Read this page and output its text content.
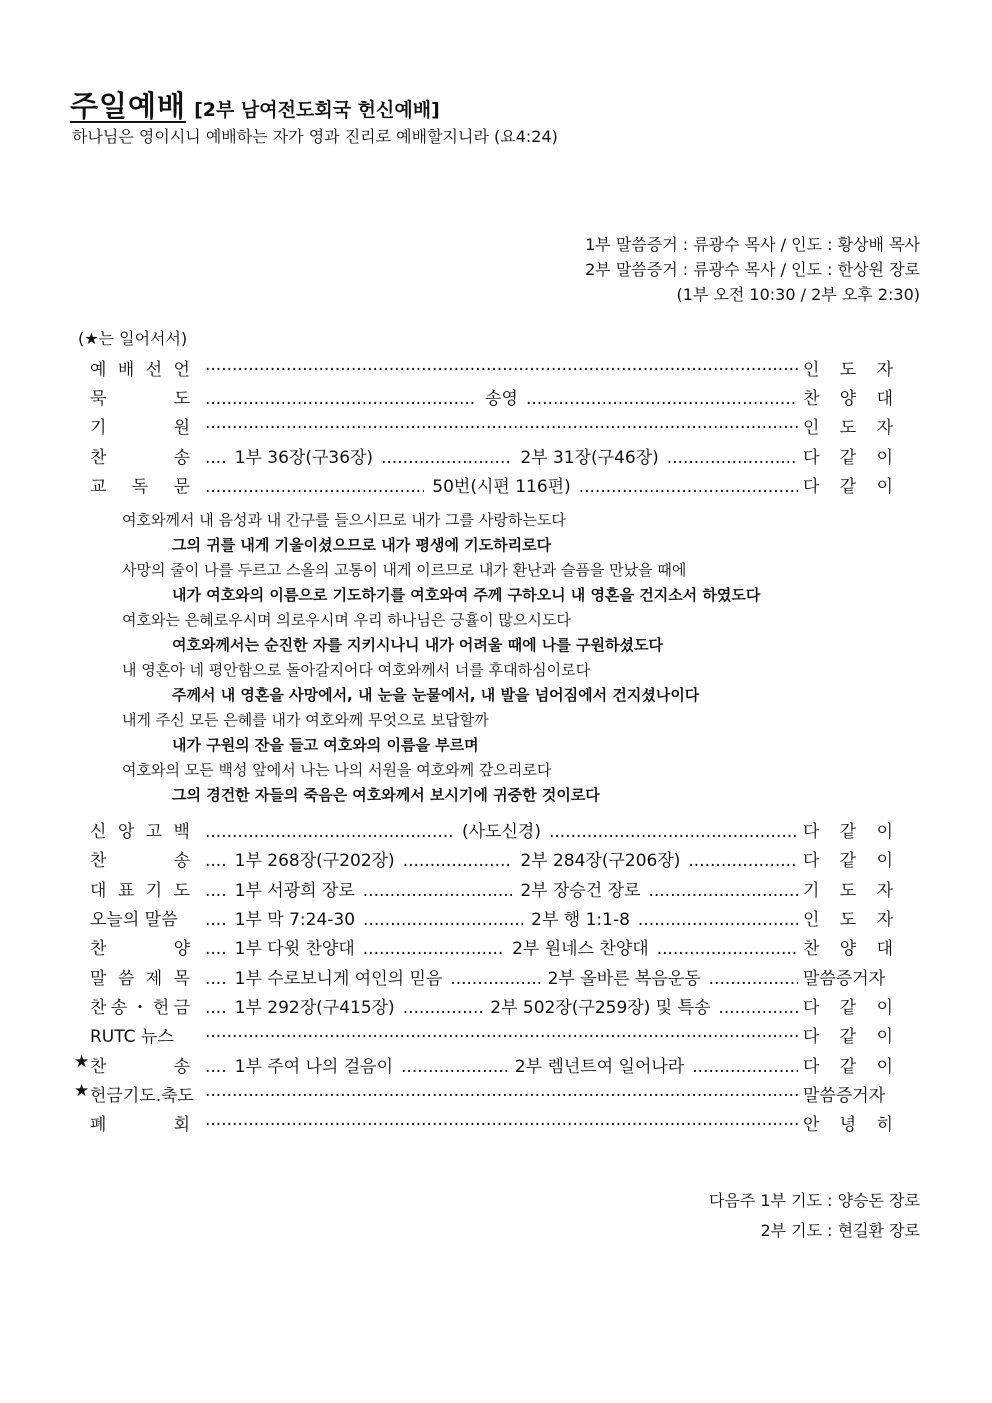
주일예배 [2부 남여전도회국 헌신예배]
하나님은 영이시니 예배하는 자가 영과 진리로 예배할지니라 (요4:24)
1부 말씀증거 : 류광수 목사 / 인도 : 황상배 목사
2부 말씀증거 : 류광수 목사 / 인도 : 한상원 장로
(1부 오전 10:30 / 2부 오후 2:30)
(★는 일어서서)
예 배 선 언 .....	인 도 자
묵	도 .....	송영 .....	찬 양 대
기	원 .....	인 도 자
찬	송 .... 1부 36장(구36장) .....	2부 31장(구46장) .....	다 같 이
교 독 문 .....	50번(시편 116편) .....	다 같 이
여호와께서 내 음성과 내 간구를 들으시므로 내가 그를 사랑하는도다
그의 귀를 내게 기울이셨으므로 내가 평생에 기도하리로다
사망의 줄이 나를 두르고 스올의 고통이 내게 이르므로 내가 환난과 슬픔을 만났을 때에
내가 여호와의 이름으로 기도하기를 여호와여 주께 구하오니 내 영혼을 건지소서 하였도다
여호와는 은혜로우시며 의로우시며 우리 하나님은 긍휼이 많으시도다
여호와께서는 순진한 자를 지키시나니 내가 어려울 때에 나를 구원하셨도다
내 영혼아 네 평안함으로 돌아갈지어다 여호와께서 너를 후대하심이로다
주께서 내 영혼을 사망에서, 내 눈을 눈물에서, 내 발을 넘어짐에서 건지셨나이다
내게 주신 모든 은혜를 내가 여호와께 무엇으로 보답할까
내가 구원의 잔을 들고 여호와의 이름을 부르며
여호와의 모든 백성 앞에서 나는 나의 서원을 여호와께 갚으리로다
그의 경건한 자들의 죽음은 여호와께서 보시기에 귀중한 것이로다
신 앙 고 백 .....	(사도신경) .....	다 같 이
찬	송 .... 1부 268장(구202장) .....	2부 284장(구206장) .....	다 같 이
대 표 기 도 .... 1부 서광희 장로 .....	2부 장승건 장로 .....	기 도 자
오늘의 말씀 .... 1부 막 7:24-30 .....	2부 행 1:1-8 .....	인 도 자
찬	양 .... 1부 다윗 찬양대 .....	2부 원네스 찬양대 .....	찬 양 대
말 씀 제 목 .... 1부 수로보니게 여인의 믿음 .....	2부 올바른 복음운동 .....	말씀증거자
찬 송 ・ 헌 금 .... 1부 292장(구415장) .....	2부 502장(구259장) 및 특송 .....	다 같 이
RUTC 뉴스 .....	다 같 이
★ 찬	송 .... 1부 주여 나의 걸음이 .....	2부 렘넌트여 일어나라 .....	다 같 이
★ 헌금기도.축도 .....	말씀증거자
폐	회 .....	안 녕 히
다음주 1부 기도 : 양승돈 장로
2부 기도 : 현길환 장로
